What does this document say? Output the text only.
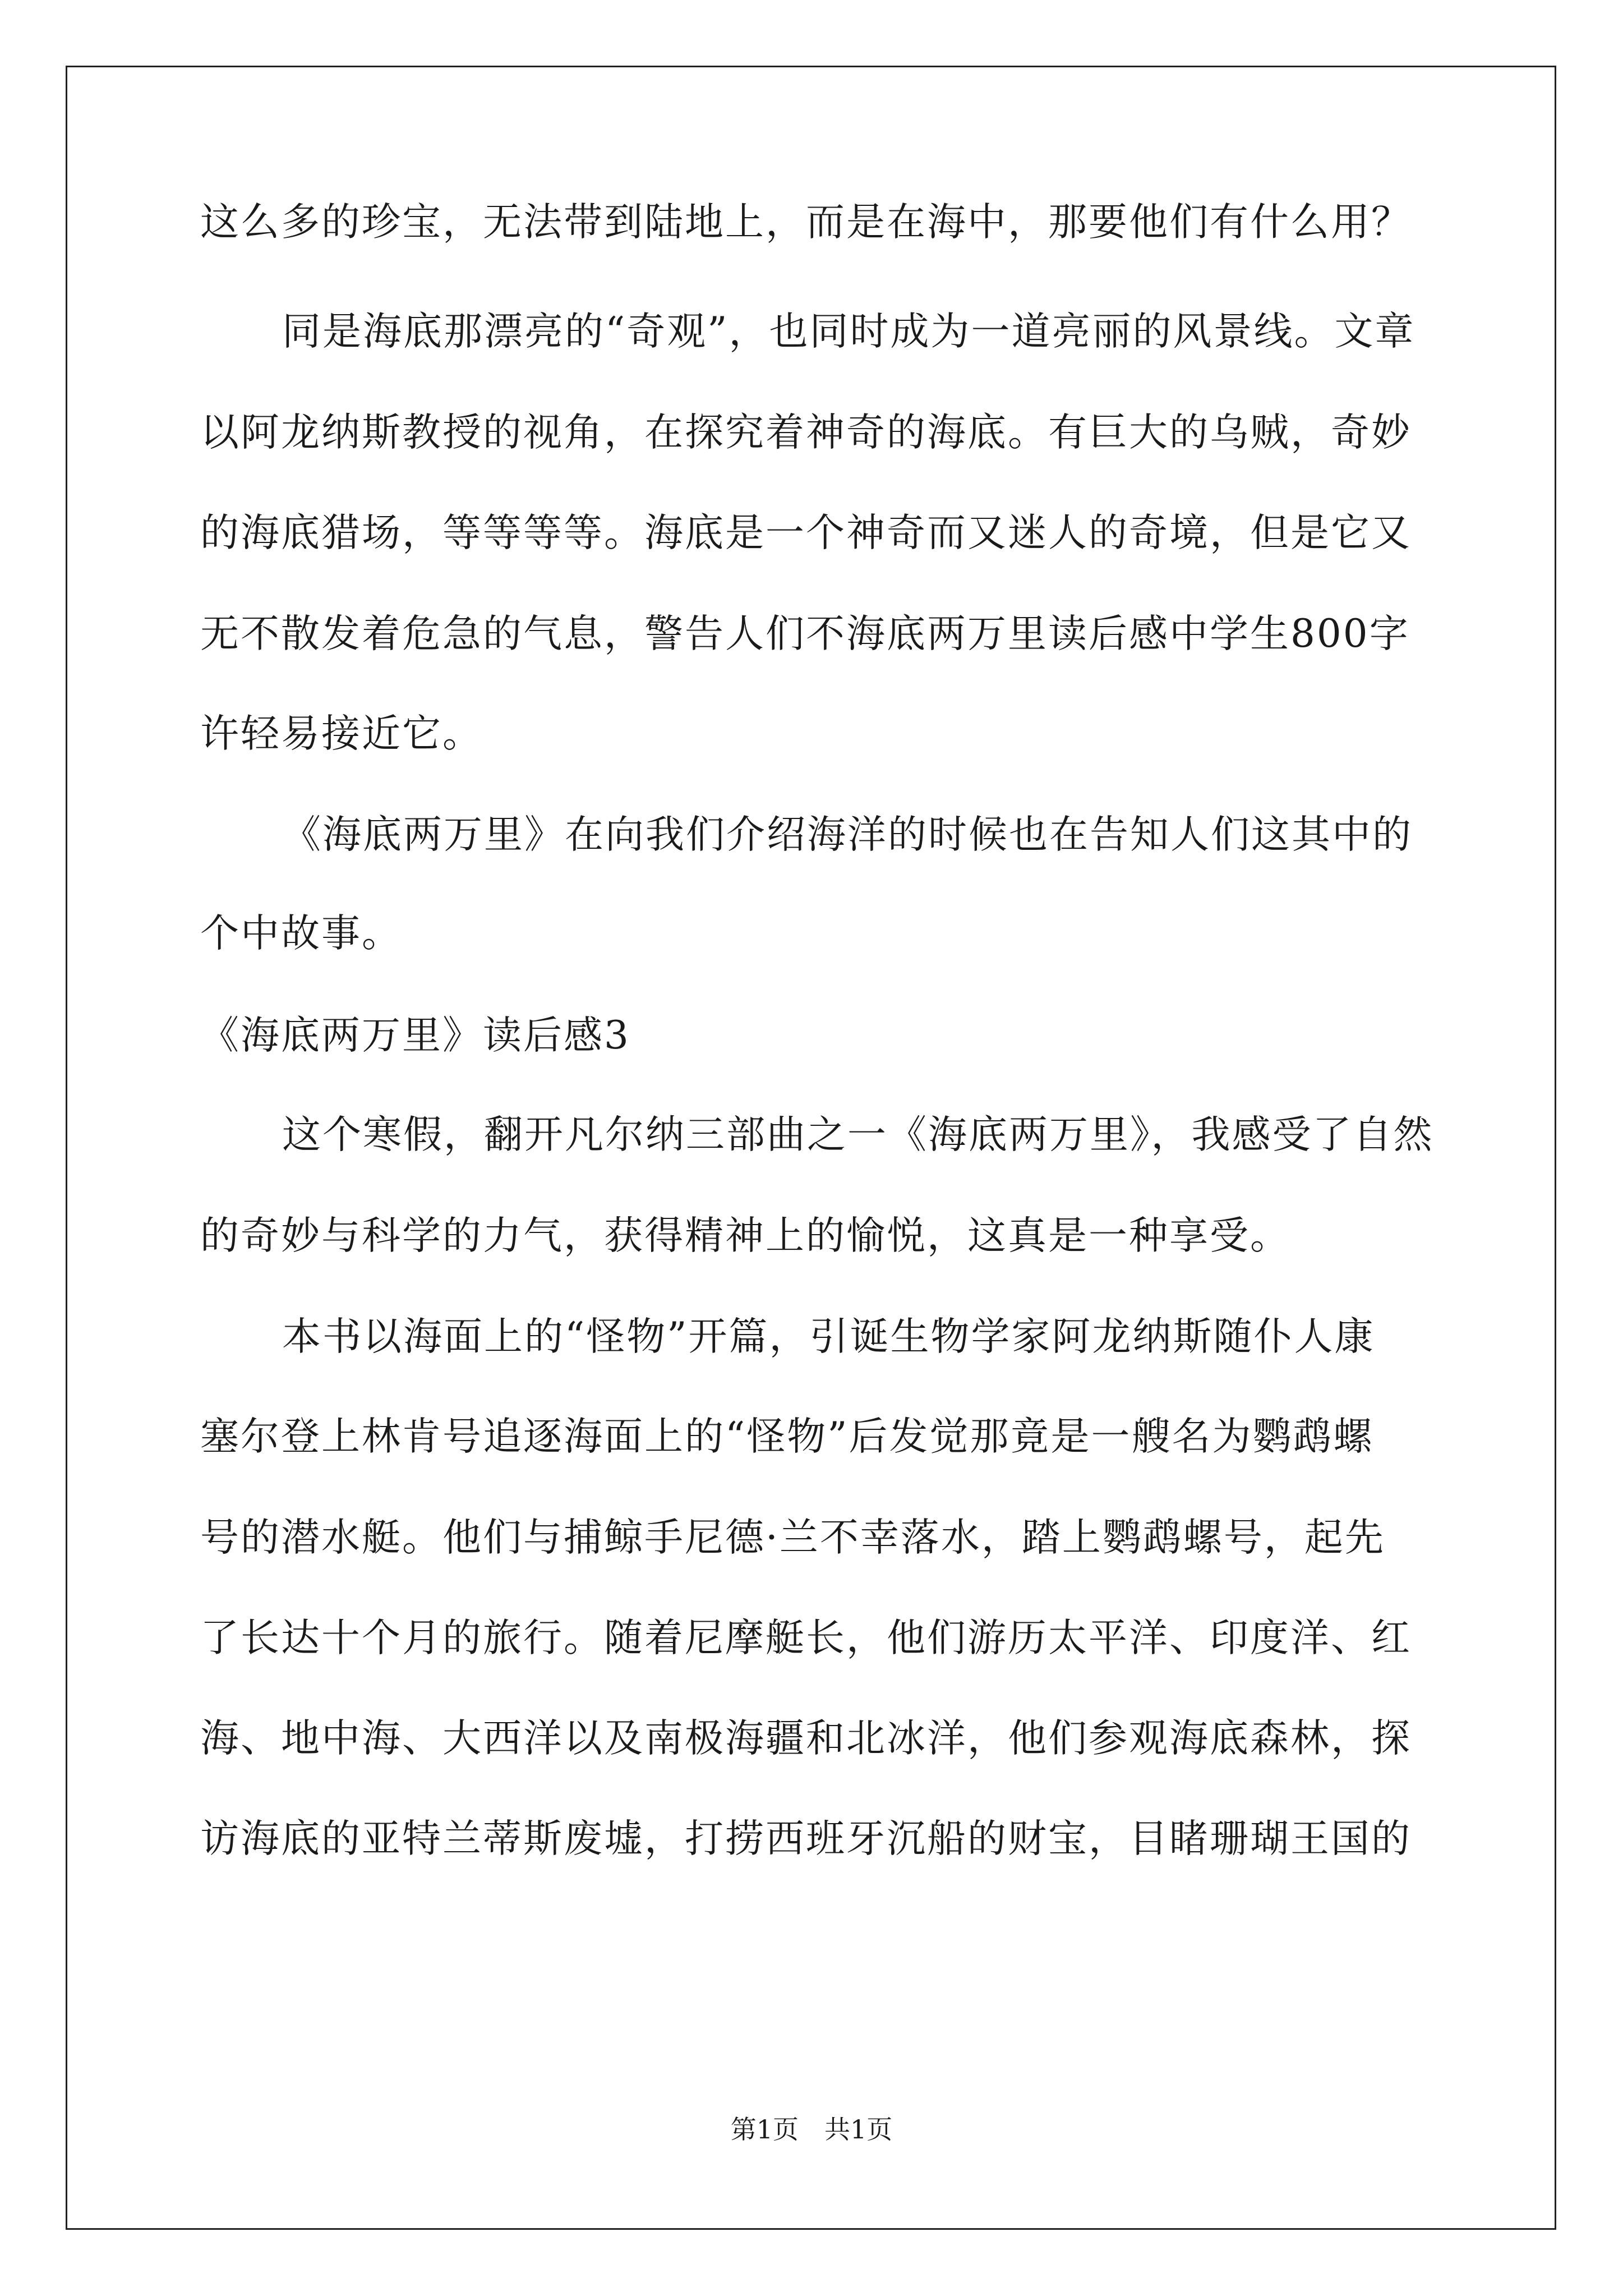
这么多的珍宝，无法带到陆地上，而是在海中，那要他们有什么用？
同是海底那漂亮的“奇观”，也同时成为一道亮丽的风景线。文章
以阿龙纳斯教授的视角，在探究着神奇的海底。有巨大的乌贼，奇妙
的海底猎场，等等等等。海底是一个神奇而又迷人的奇境，但是它又
无不散发着危急的气息，警告人们不海底两万里读后感中学生800字
许轻易接近它。
《海底两万里》在向我们介绍海洋的时候也在告知人们这其中的
个中故事。
《海底两万里》读后感3
这个寒假，翻开凡尔纳三部曲之一《海底两万里》，我感受了自然
的奇妙与科学的力气，获得精神上的愉悦，这真是一种享受。
本书以海面上的“怪物”开篇，引诞生物学家阿龙纳斯随仆人康
塞尔登上林肯号追逐海面上的“怪物”后发觉那竟是一艘名为鹦鹉螺
号的潜水艇。他们与捕鲸手尼德·兰不幸落水，踏上鹦鹉螺号，起先
了长达十个月的旅行。随着尼摩艇长，他们游历太平洋、印度洋、红
海、地中海、大西洋以及南极海疆和北冰洋，他们参观海底森林，探
访海底的亚特兰蒂斯废墟，打捞西班牙沉船的财宝，目睹珊瑚王国的
第1页　共1页
